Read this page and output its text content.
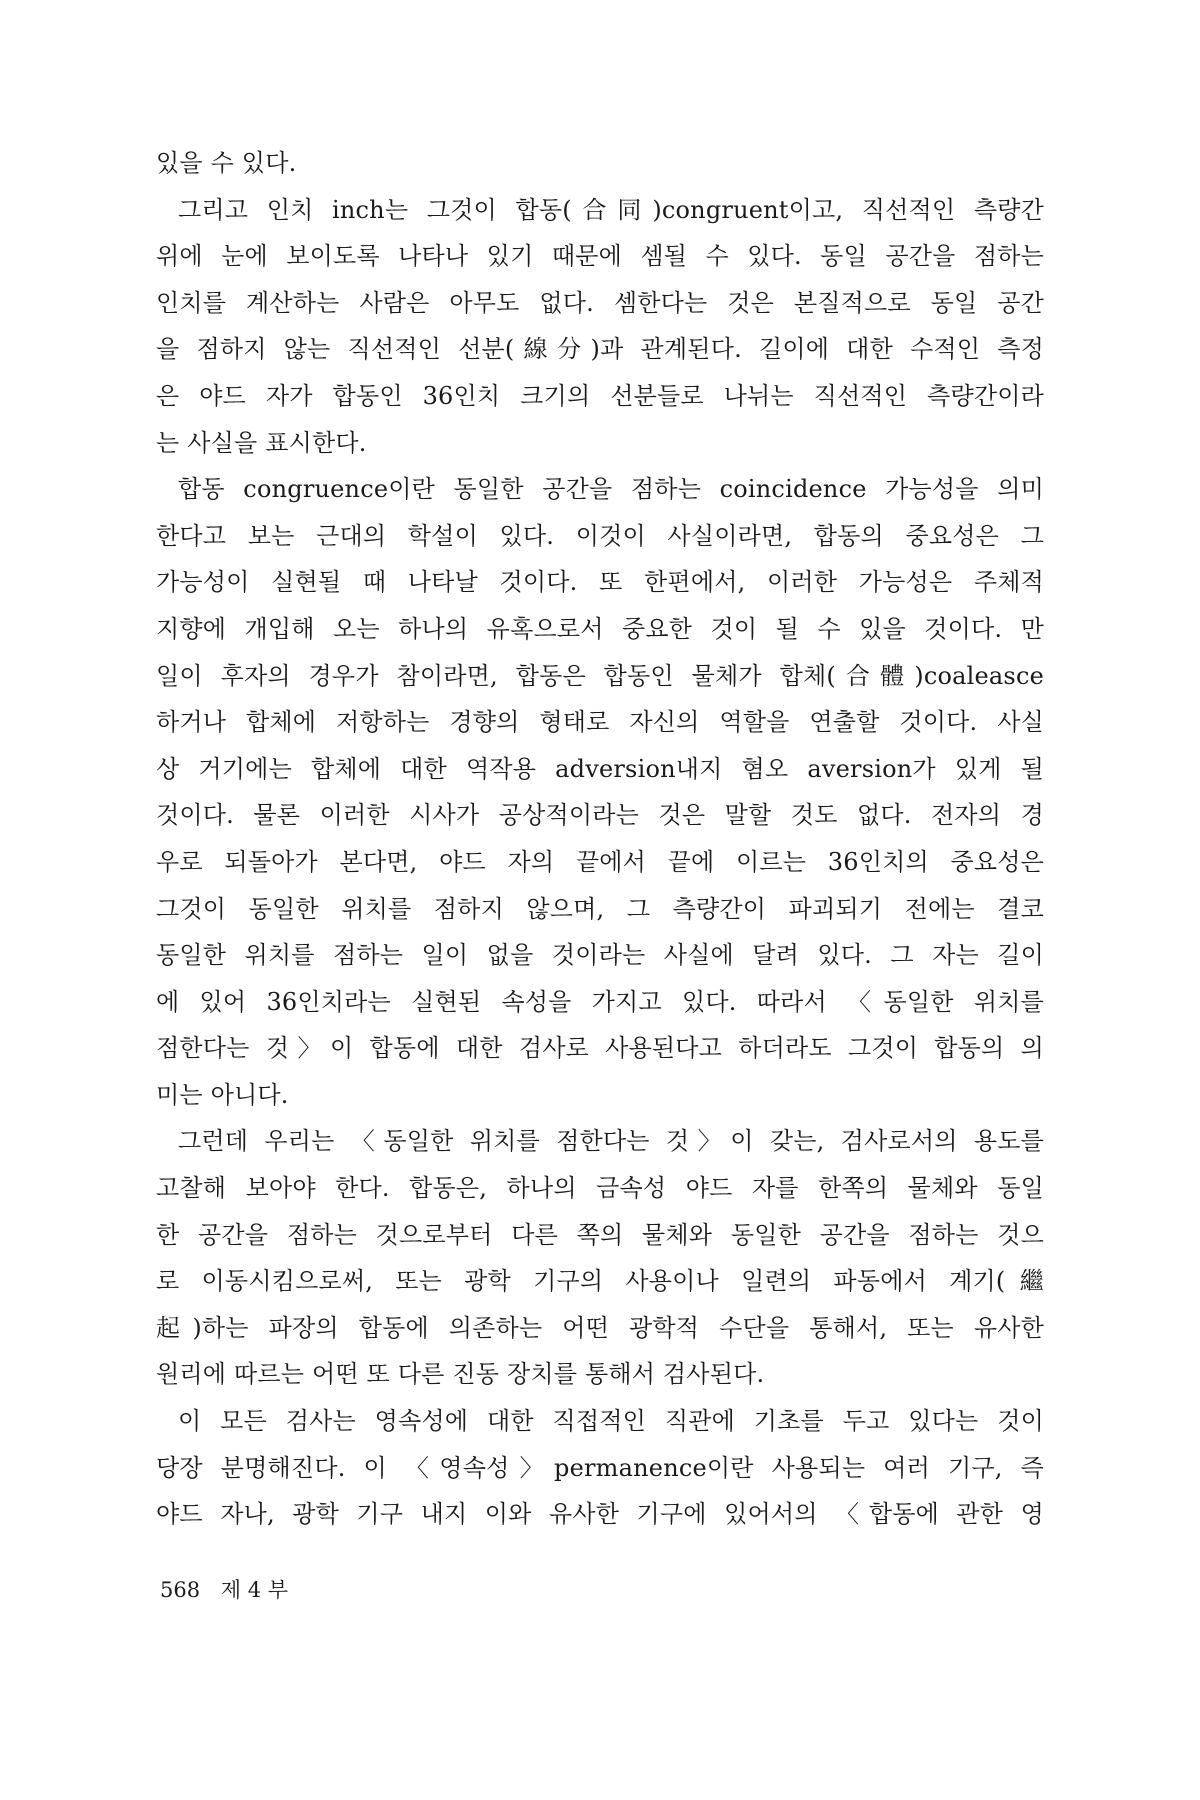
있을 수 있다.
그리고 인치 inch는 그것이 합동(合同)congruent이고, 직선적인 측량간
위에 눈에 보이도록 나타나 있기 때문에 셈될 수 있다. 동일 공간을 점하는
인치를 계산하는 사람은 아무도 없다. 셈한다는 것은 본질적으로 동일 공간
을 점하지 않는 직선적인 선분(線分)과 관계된다. 길이에 대한 수적인 측정
은 야드 자가 합동인 36인치 크기의 선분들로 나뉘는 직선적인 측량간이라
는 사실을 표시한다.
합동 congruence이란 동일한 공간을 점하는 coincidence 가능성을 의미
한다고 보는 근대의 학설이 있다. 이것이 사실이라면, 합동의 중요성은 그
가능성이 실현될 때 나타날 것이다. 또 한편에서, 이러한 가능성은 주체적
지향에 개입해 오는 하나의 유혹으로서 중요한 것이 될 수 있을 것이다. 만
일이 후자의 경우가 참이라면, 합동은 합동인 물체가 합체(合體)coaleasce
하거나 합체에 저항하는 경향의 형태로 자신의 역할을 연출할 것이다. 사실
상 거기에는 합체에 대한 역작용 adversion내지 혐오 aversion가 있게 될
것이다. 물론 이러한 시사가 공상적이라는 것은 말할 것도 없다. 전자의 경
우로 되돌아가 본다면, 야드 자의 끝에서 끝에 이르는 36인치의 중요성은
그것이 동일한 위치를 점하지 않으며, 그 측량간이 파괴되기 전에는 결코
동일한 위치를 점하는 일이 없을 것이라는 사실에 달려 있다. 그 자는 길이
에 있어 36인치라는 실현된 속성을 가지고 있다. 따라서 〈동일한 위치를
점한다는 것〉이 합동에 대한 검사로 사용된다고 하더라도 그것이 합동의 의
미는 아니다.
그런데 우리는 〈동일한 위치를 점한다는 것〉이 갖는, 검사로서의 용도를
고찰해 보아야 한다. 합동은, 하나의 금속성 야드 자를 한쪽의 물체와 동일
한 공간을 점하는 것으로부터 다른 쪽의 물체와 동일한 공간을 점하는 것으
로 이동시킴으로써, 또는 광학 기구의 사용이나 일련의 파동에서 계기(繼
起)하는 파장의 합동에 의존하는 어떤 광학적 수단을 통해서, 또는 유사한
원리에 따르는 어떤 또 다른 진동 장치를 통해서 검사된다.
이 모든 검사는 영속성에 대한 직접적인 직관에 기초를 두고 있다는 것이
당장 분명해진다. 이 〈영속성〉permanence이란 사용되는 여러 기구, 즉
야드 자나, 광학 기구 내지 이와 유사한 기구에 있어서의 〈합동에 관한 영
568 제 4 부
